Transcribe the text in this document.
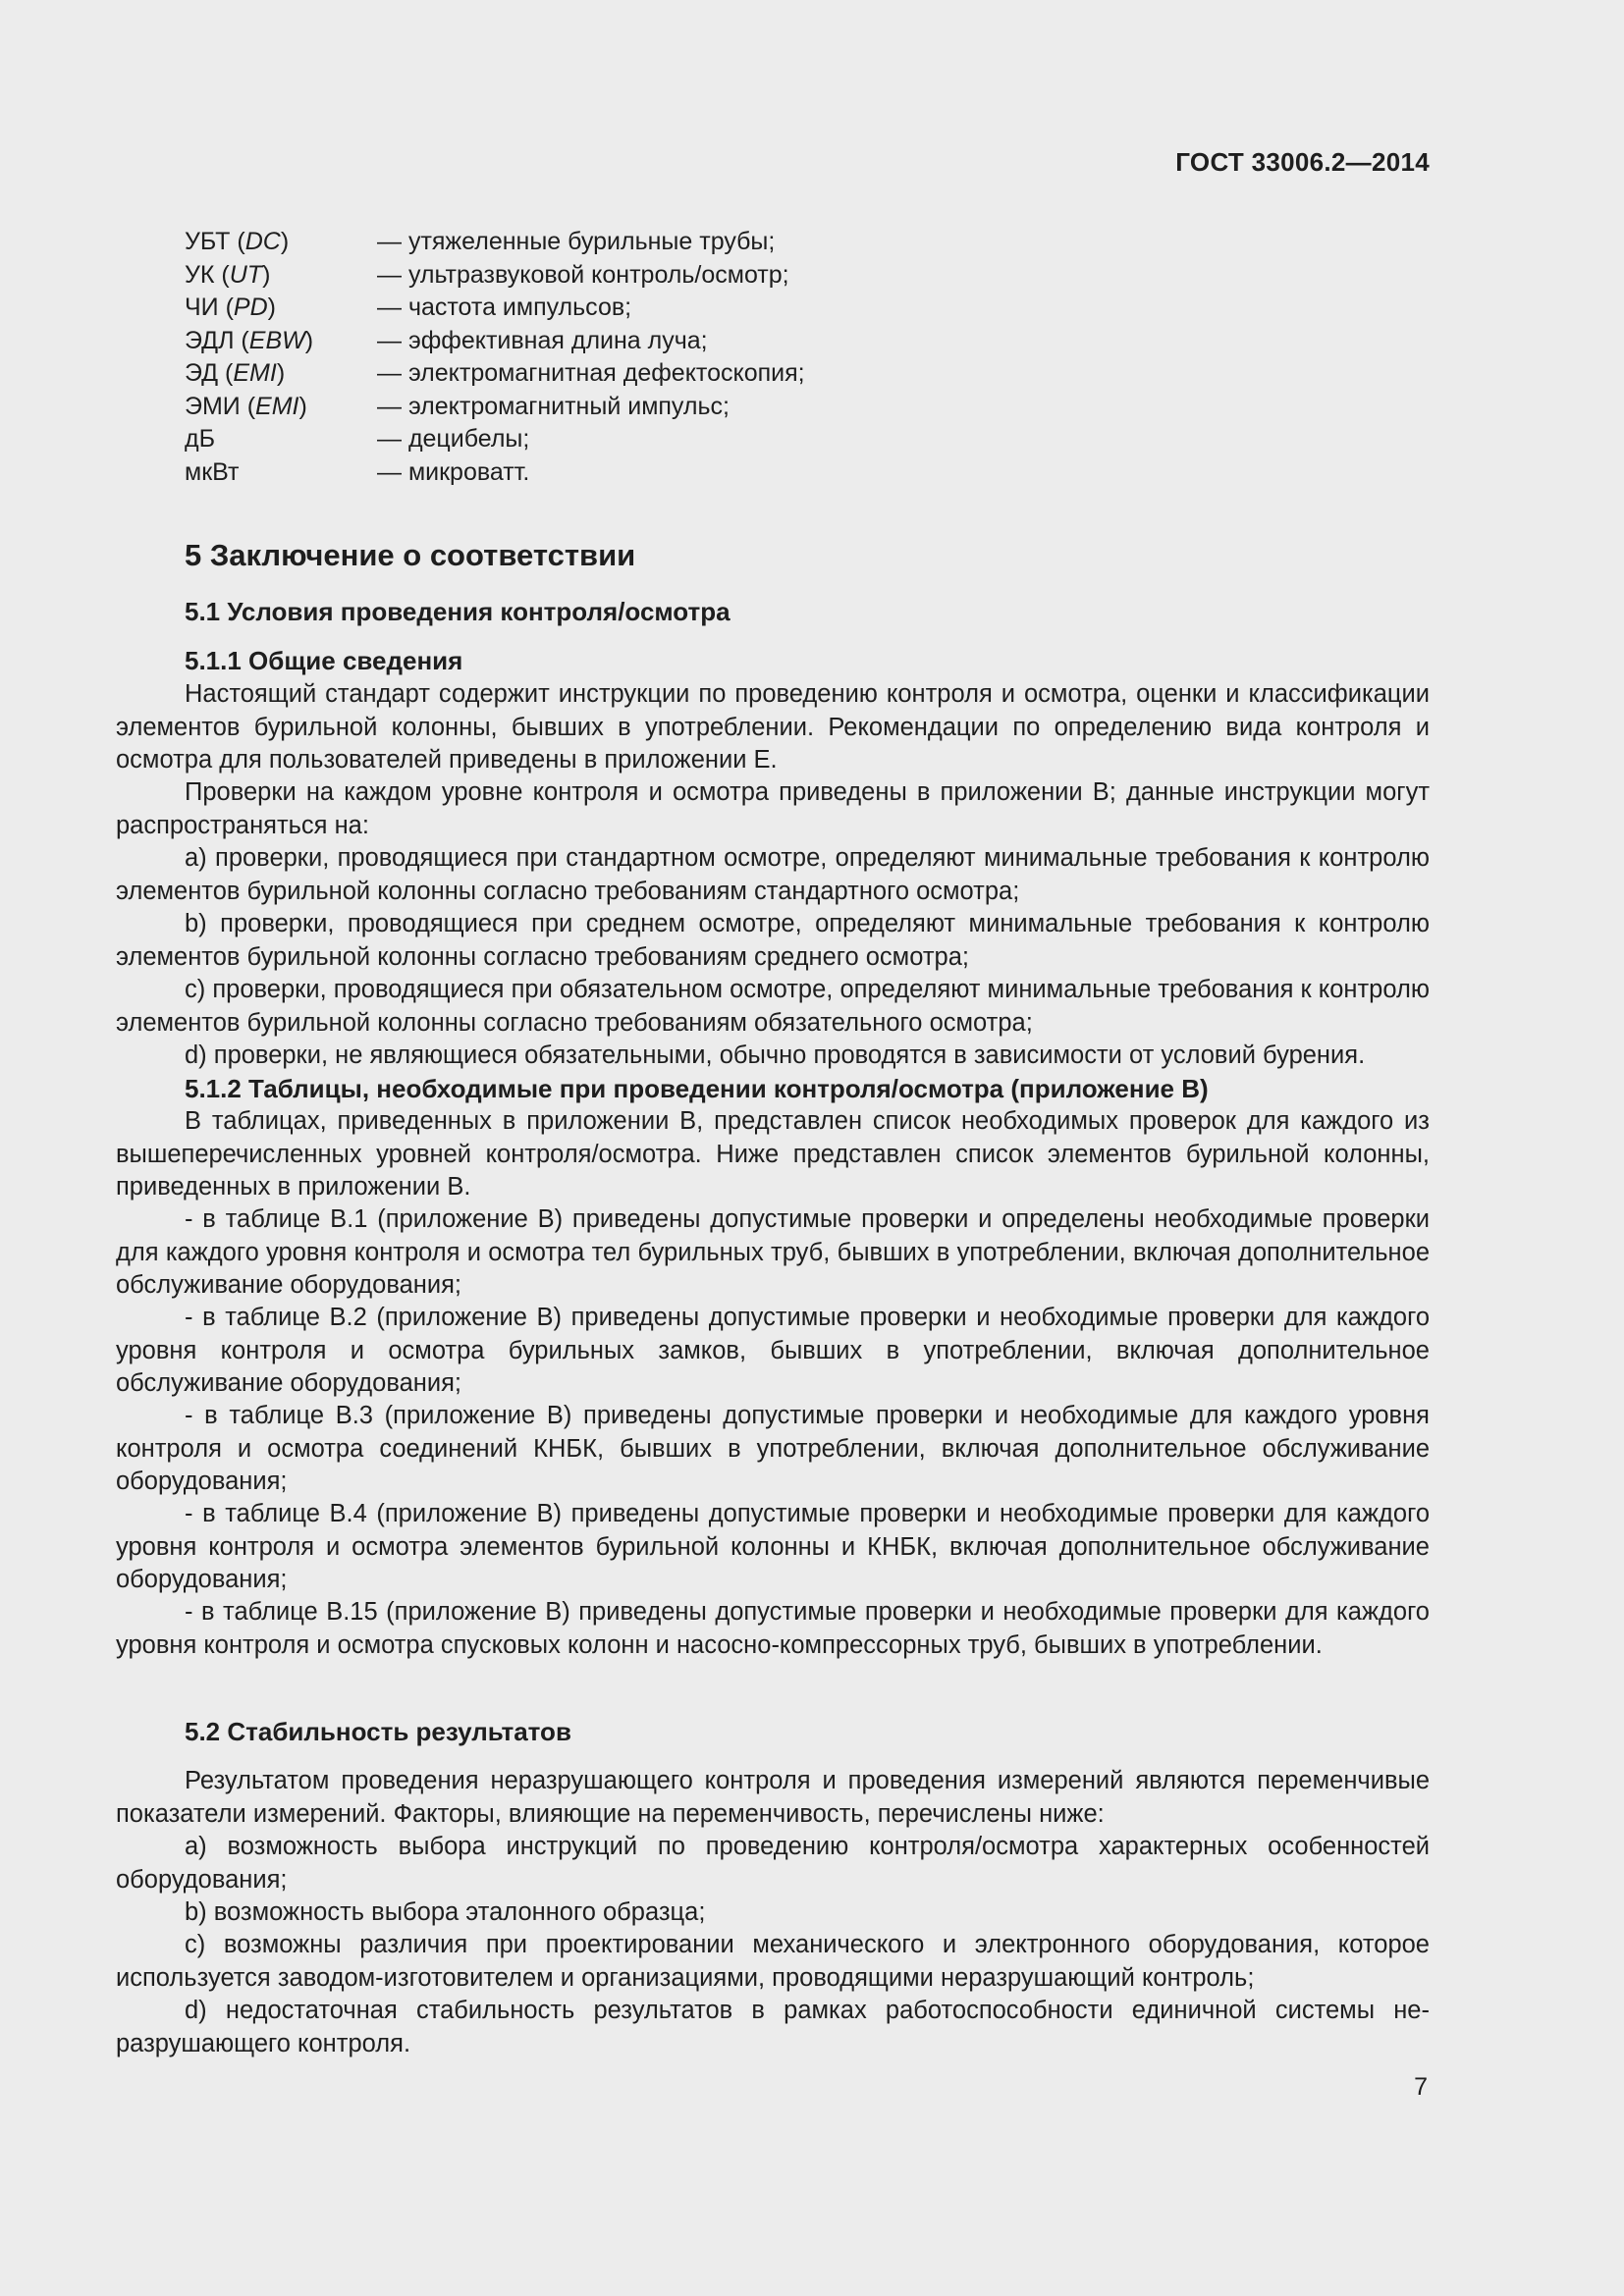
ГОСТ 33006.2—2014
УБТ (DC)	— утяжеленные бурильные трубы;
УК (UT)	— ультразвуковой контроль/осмотр;
ЧИ (PD)	— частота импульсов;
ЭДЛ (EBW)	— эффективная длина луча;
ЭД (EMI)	— электромагнитная дефектоскопия;
ЭМИ (EMI)	— электромагнитный импульс;
дБ	— децибелы;
мкВт	— микроватт.
5 Заключение о соответствии
5.1 Условия проведения контроля/осмотра
5.1.1 Общие сведения
Настоящий стандарт содержит инструкции по проведению контроля и осмотра, оценки и классификации элементов бурильной колонны, бывших в употреблении. Рекомендации по определению вида контроля и осмотра для пользователей приведены в приложении Е.
Проверки на каждом уровне контроля и осмотра приведены в приложении В; данные инструкции могут распространяться на:
a) проверки, проводящиеся при стандартном осмотре, определяют минимальные требования к контролю элементов бурильной колонны согласно требованиям стандартного осмотра;
b) проверки, проводящиеся при среднем осмотре, определяют минимальные требования к контролю элементов бурильной колонны согласно требованиям среднего осмотра;
c) проверки, проводящиеся при обязательном осмотре, определяют минимальные требования к контролю элементов бурильной колонны согласно требованиям обязательного осмотра;
d) проверки, не являющиеся обязательными, обычно проводятся в зависимости от условий бурения.
5.1.2 Таблицы, необходимые при проведении контроля/осмотра (приложение В)
В таблицах, приведенных в приложении В, представлен список необходимых проверок для каждого из вышеперечисленных уровней контроля/осмотра. Ниже представлен список элементов бурильной колонны, приведенных в приложении В.
- в таблице В.1 (приложение В) приведены допустимые проверки и определены необходимые проверки для каждого уровня контроля и осмотра тел бурильных труб, бывших в употреблении, включая дополнительное обслуживание оборудования;
- в таблице В.2 (приложение В) приведены допустимые проверки и необходимые проверки для каждого уровня контроля и осмотра бурильных замков, бывших в употреблении, включая дополнительное обслуживание оборудования;
- в таблице В.3 (приложение В) приведены допустимые проверки и необходимые для каждого уровня контроля и осмотра соединений КНБК, бывших в употреблении, включая дополнительное обслуживание оборудования;
- в таблице В.4 (приложение В) приведены допустимые проверки и необходимые проверки для каждого уровня контроля и осмотра элементов бурильной колонны и КНБК, включая дополнительное обслуживание оборудования;
- в таблице В.15 (приложение В) приведены допустимые проверки и необходимые проверки для каждого уровня контроля и осмотра спусковых колонн и насосно-компрессорных труб, бывших в употреблении.
5.2 Стабильность результатов
Результатом проведения неразрушающего контроля и проведения измерений являются переменчивые показатели измерений. Факторы, влияющие на переменчивость, перечислены ниже:
a) возможность выбора инструкций по проведению контроля/осмотра характерных особенностей оборудования;
b) возможность выбора эталонного образца;
c) возможны различия при проектировании механического и электронного оборудования, которое используется заводом-изготовителем и организациями, проводящими неразрушающий контроль;
d) недостаточная стабильность результатов в рамках работоспособности единичной системы неразрушающего контроля.
7
